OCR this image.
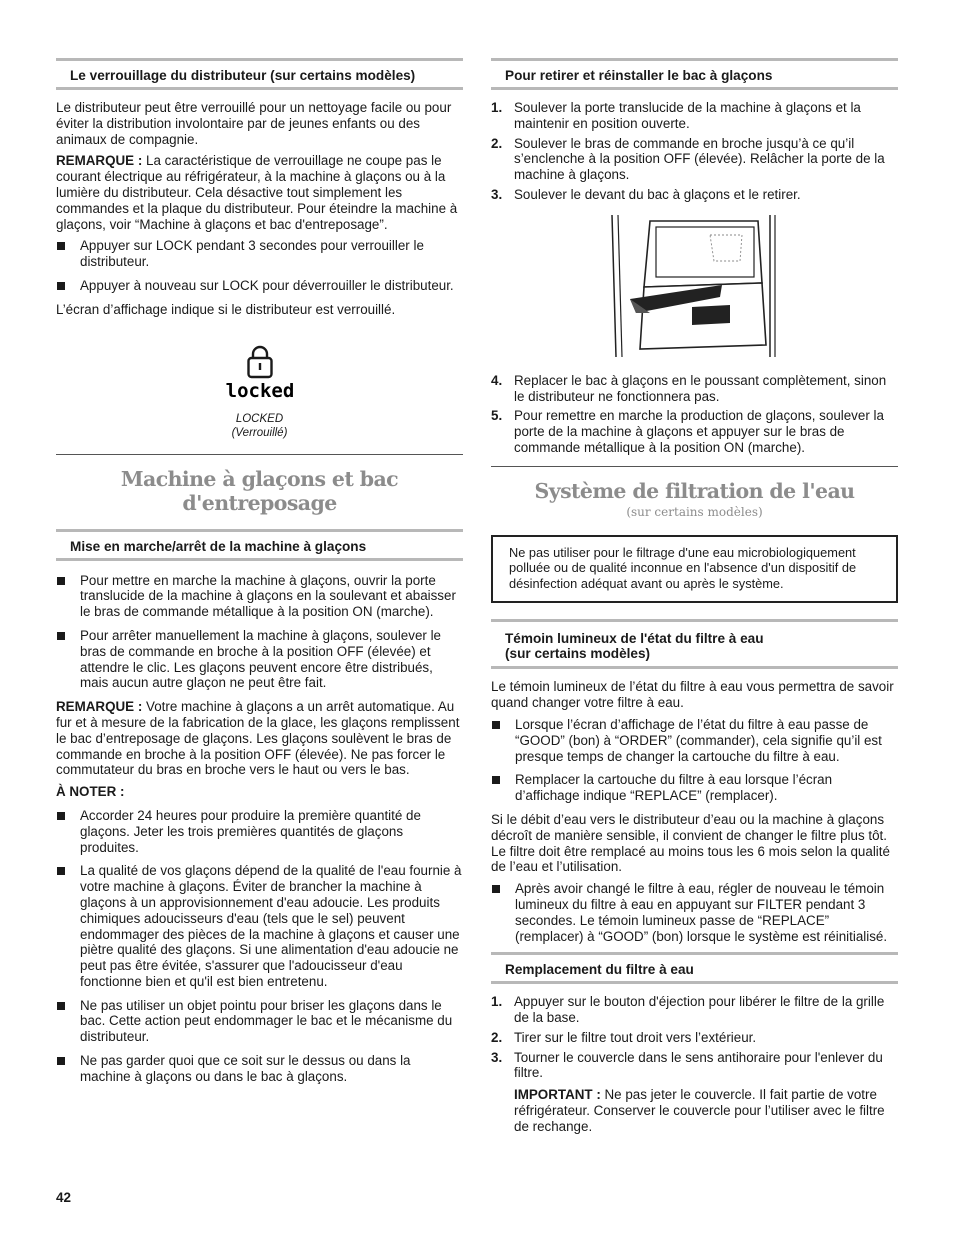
Le verrouillage du distributeur (sur certains modèles)

Le distributeur peut être verrouillé pour un nettoyage facile ou pour éviter la distribution involontaire par de jeunes enfants ou des animaux de compagnie.

REMARQUE : La caractéristique de verrouillage ne coupe pas le courant électrique au réfrigérateur, à la machine à glaçons ou à la lumière du distributeur. Cela désactive tout simplement les commandes et la plaque du distributeur. Pour éteindre la machine à glaçons, voir “Machine à glaçons et bac d'entreposage”.

Appuyer sur LOCK pendant 3 secondes pour verrouiller le distributeur.
Appuyer à nouveau sur LOCK pour déverrouiller le distributeur.

L’écran d’affichage indique si le distributeur est verrouillé.

locked
LOCKED
(Verrouillé)
Machine à glaçons et bac d'entreposage
Mise en marche/arrêt de la machine à glaçons
Pour mettre en marche la machine à glaçons, ouvrir la porte translucide de la machine à glaçons en la soulevant et abaisser le bras de commande métallique à la position ON (marche).
Pour arrêter manuellement la machine à glaçons, soulever le bras de commande en broche à la position OFF (élevée) et attendre le clic. Les glaçons peuvent encore être distribués, mais aucun autre glaçon ne peut être fait.

REMARQUE : Votre machine à glaçons a un arrêt automatique. Au fur et à mesure de la fabrication de la glace, les glaçons remplissent le bac d’entreposage de glaçons. Les glaçons soulèvent le bras de commande en broche à la position OFF (élevée). Ne pas forcer le commutateur du bras en broche vers le haut ou vers le bas.

À NOTER :

Accorder 24 heures pour produire la première quantité de glaçons. Jeter les trois premières quantités de glaçons produites.
La qualité de vos glaçons dépend de la qualité de l'eau fournie à votre machine à glaçons. Éviter de brancher la machine à glaçons à un approvisionnement d'eau adoucie. Les produits chimiques adoucisseurs d'eau (tels que le sel) peuvent endommager des pièces de la machine à glaçons et causer une piètre qualité des glaçons. Si une alimentation d'eau adoucie ne peut pas être évitée, s'assurer que l'adoucisseur d'eau fonctionne bien et qu'il est bien entretenu.
Ne pas utiliser un objet pointu pour briser les glaçons dans le bac. Cette action peut endommager le bac et le mécanisme du distributeur.
Ne pas garder quoi que ce soit sur le dessus ou dans la machine à glaçons ou dans le bac à glaçons.
Pour retirer et réinstaller le bac à glaçons
1. Soulever la porte translucide de la machine à glaçons et la maintenir en position ouverte.
2. Soulever le bras de commande en broche jusqu’à ce qu’il s’enclenche à la position OFF (élevée). Relâcher la porte de la machine à glaçons.
3. Soulever le devant du bac à glaçons et le retirer.
4. Replacer le bac à glaçons en le poussant complètement, sinon le distributeur ne fonctionnera pas.
5. Pour remettre en marche la production de glaçons, soulever la porte de la machine à glaçons et appuyer sur le bras de commande métallique à la position ON (marche).
Système de filtration de l'eau
(sur certains modèles)
Ne pas utiliser pour le filtrage d'une eau microbiologiquement polluée ou de qualité inconnue en l'absence d'un dispositif de désinfection adéquat avant ou après le système.
Témoin lumineux de l'état du filtre à eau
(sur certains modèles)

Le témoin lumineux de l’état du filtre à eau vous permettra de savoir quand changer votre filtre à eau.

Lorsque l’écran d’affichage de l’état du filtre à eau passe de “GOOD” (bon) à “ORDER” (commander), cela signifie qu’il est presque temps de changer la cartouche du filtre à eau.
Remplacer la cartouche du filtre à eau lorsque l’écran d’affichage indique “REPLACE” (remplacer).

Si le débit d’eau vers le distributeur d’eau ou la machine à glaçons décroît de manière sensible, il convient de changer le filtre plus tôt. Le filtre doit être remplacé au moins tous les 6 mois selon la qualité de l’eau et l’utilisation.

Après avoir changé le filtre à eau, régler de nouveau le témoin lumineux du filtre à eau en appuyant sur FILTER pendant 3 secondes. Le témoin lumineux passe de “REPLACE” (remplacer) à “GOOD” (bon) lorsque le système est réinitialisé.
Remplacement du filtre à eau
1. Appuyer sur le bouton d'éjection pour libérer le filtre de la grille de la base.
2. Tirer sur le filtre tout droit vers l’extérieur.
3. Tourner le couvercle dans le sens antihoraire pour l'enlever du filtre.

IMPORTANT : Ne pas jeter le couvercle. Il fait partie de votre réfrigérateur. Conserver le couvercle pour l’utiliser avec le filtre de rechange.

42
